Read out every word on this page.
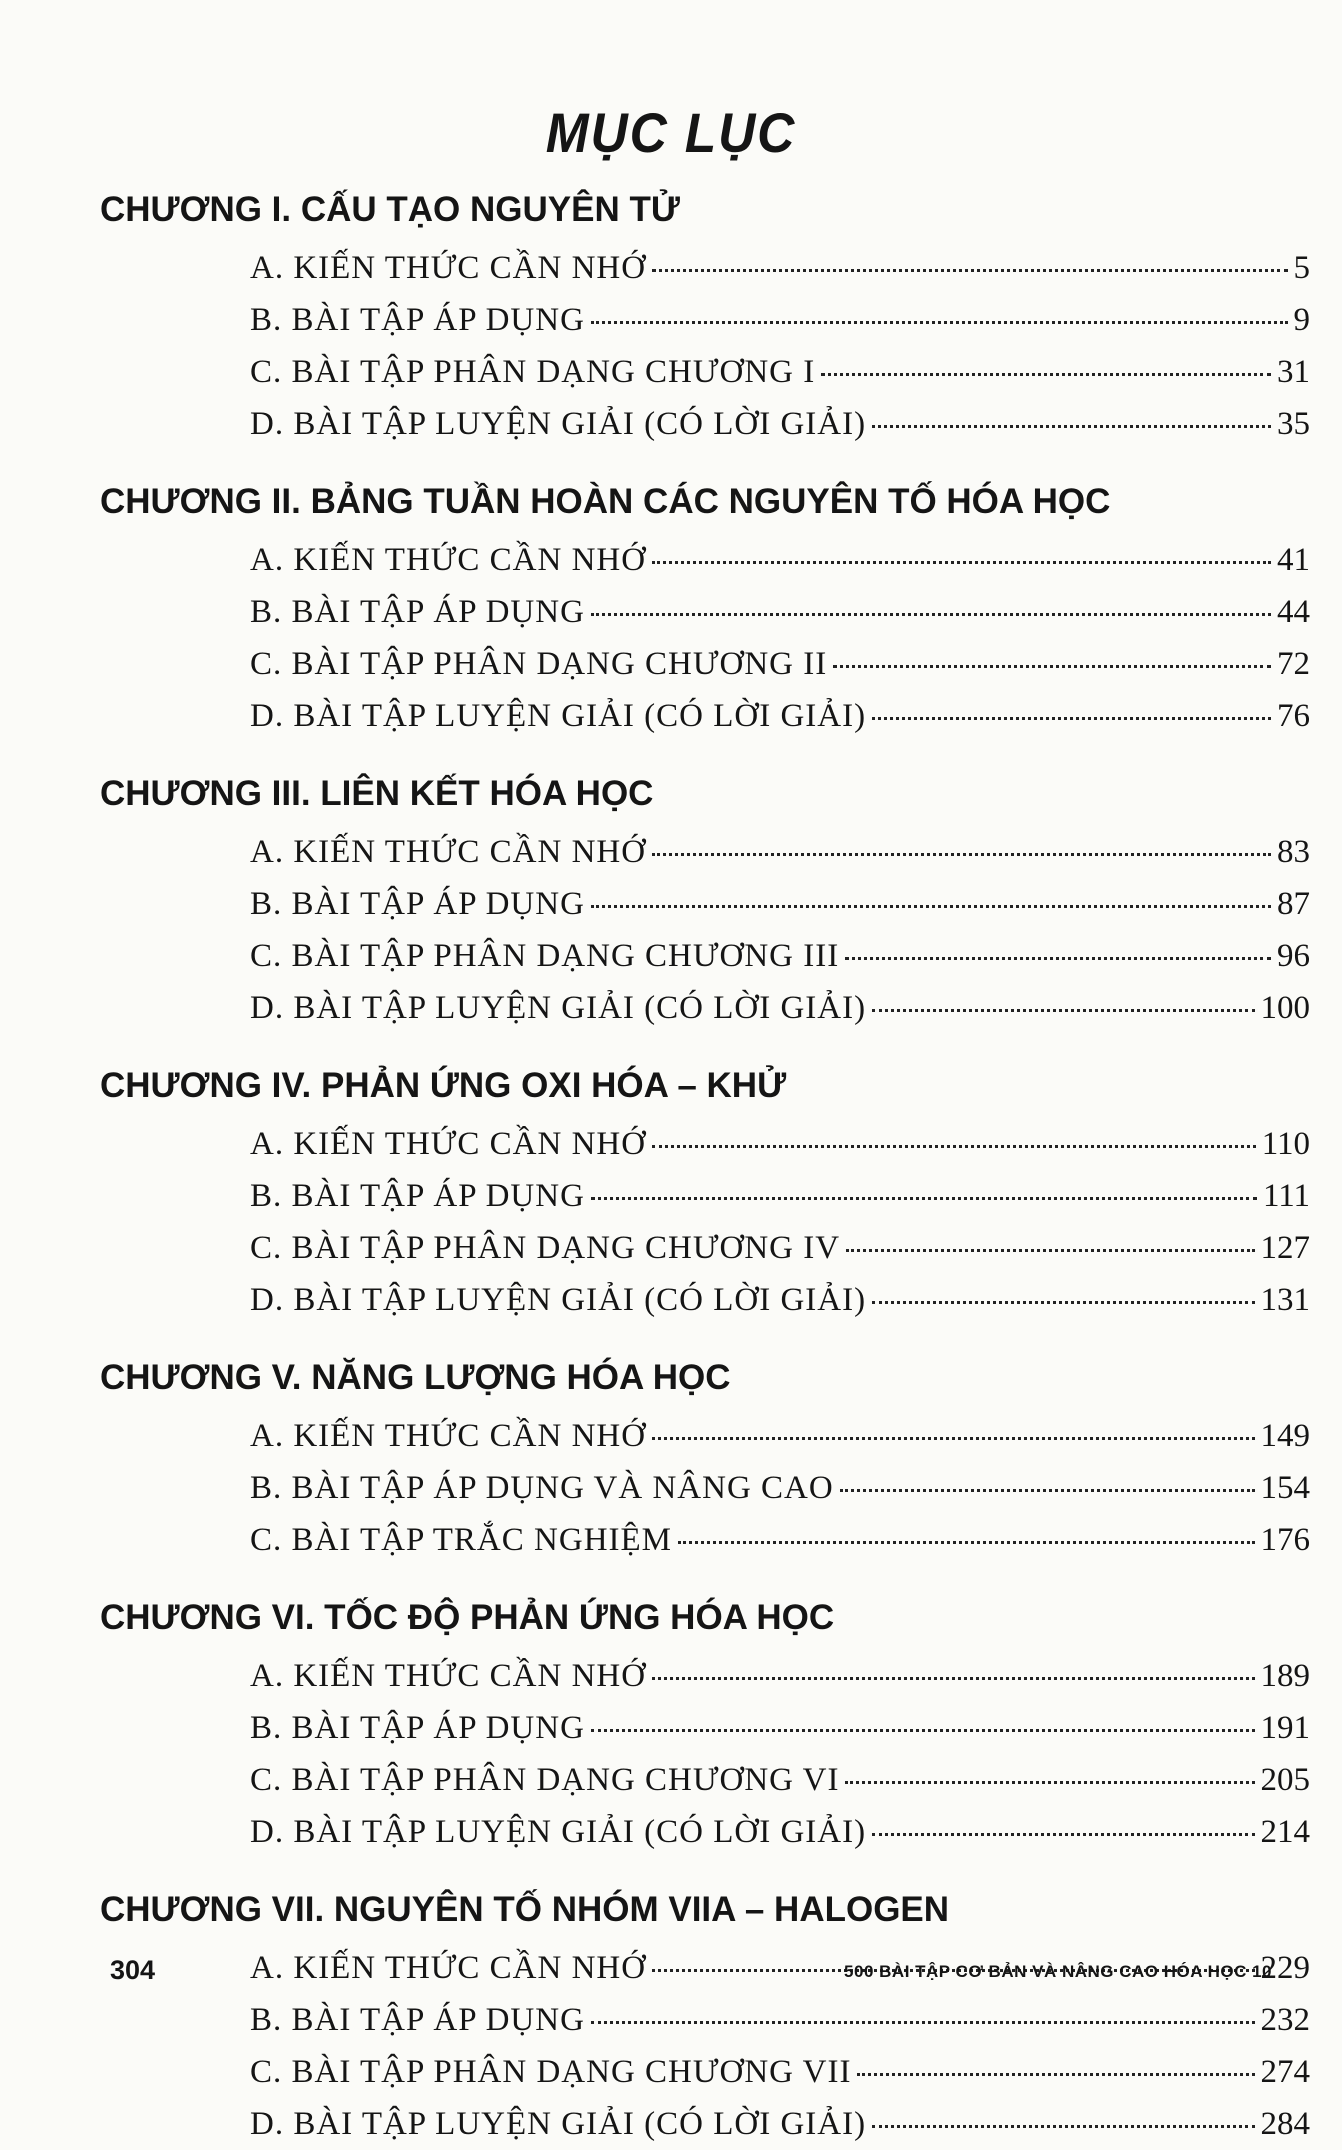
MỤC LỤC
CHƯƠNG I. CẤU TẠO NGUYÊN TỬ
A. KIẾN THỨC CẦN NHỚ	5
B. BÀI TẬP ÁP DỤNG	9
C. BÀI TẬP PHÂN DẠNG CHƯƠNG I	31
D. BÀI TẬP LUYỆN GIẢI (CÓ LỜI GIẢI)	35
CHƯƠNG II. BẢNG TUẦN HOÀN CÁC NGUYÊN TỐ HÓA HỌC
A. KIẾN THỨC CẦN NHỚ	41
B. BÀI TẬP ÁP DỤNG	44
C. BÀI TẬP PHÂN DẠNG CHƯƠNG II	72
D. BÀI TẬP LUYỆN GIẢI (CÓ LỜI GIẢI)	76
CHƯƠNG III. LIÊN KẾT HÓA HỌC
A. KIẾN THỨC CẦN NHỚ	83
B. BÀI TẬP ÁP DỤNG	87
C. BÀI TẬP PHÂN DẠNG CHƯƠNG III	96
D. BÀI TẬP LUYỆN GIẢI (CÓ LỜI GIẢI)	100
CHƯƠNG IV. PHẢN ỨNG OXI HÓA – KHỬ
A. KIẾN THỨC CẦN NHỚ	110
B. BÀI TẬP ÁP DỤNG	111
C. BÀI TẬP PHÂN DẠNG CHƯƠNG IV	127
D. BÀI TẬP LUYỆN GIẢI (CÓ LỜI GIẢI)	131
CHƯƠNG V. NĂNG LƯỢNG HÓA HỌC
A. KIẾN THỨC CẦN NHỚ	149
B. BÀI TẬP ÁP DỤNG VÀ NÂNG CAO	154
C. BÀI TẬP TRẮC NGHIỆM	176
CHƯƠNG VI. TỐC ĐỘ PHẢN ỨNG HÓA HỌC
A. KIẾN THỨC CẦN NHỚ	189
B. BÀI TẬP ÁP DỤNG	191
C. BÀI TẬP PHÂN DẠNG CHƯƠNG VI	205
D. BÀI TẬP LUYỆN GIẢI (CÓ LỜI GIẢI)	214
CHƯƠNG VII. NGUYÊN TỐ NHÓM VIIA – HALOGEN
A. KIẾN THỨC CẦN NHỚ	229
B. BÀI TẬP ÁP DỤNG	232
C. BÀI TẬP PHÂN DẠNG CHƯƠNG VII	274
D. BÀI TẬP LUYỆN GIẢI (CÓ LỜI GIẢI)	284
304	500 BÀI TẬP CƠ BẢN VÀ NÂNG CAO HÓA HỌC 10
